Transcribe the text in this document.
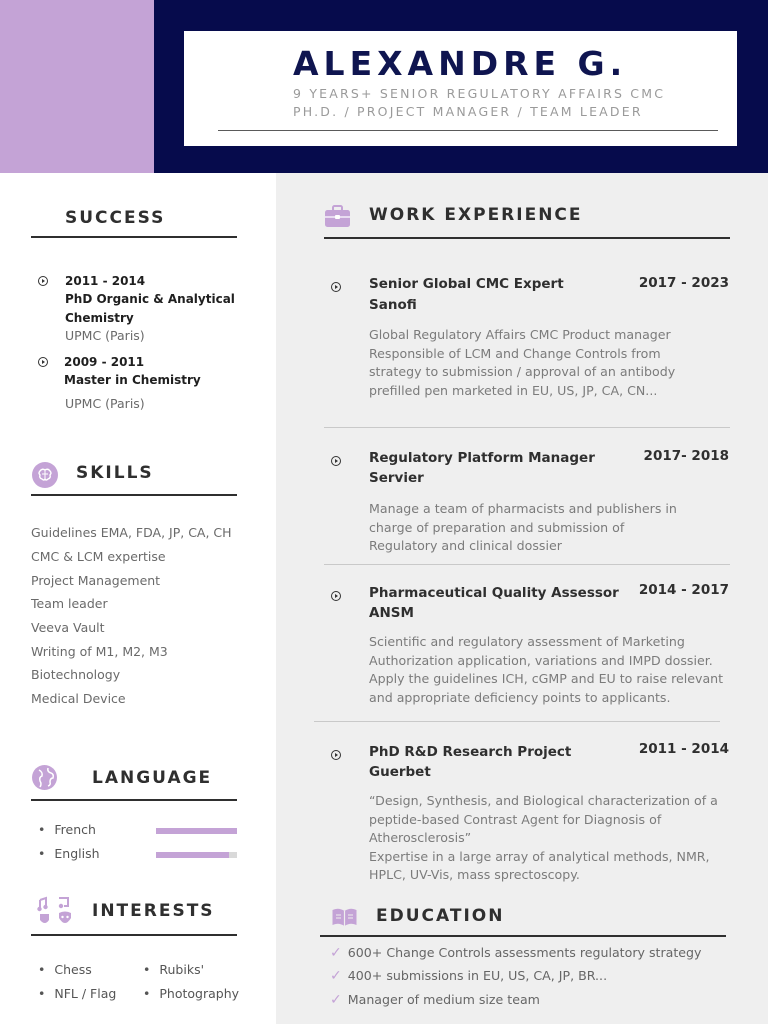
ALEXANDRE G.
9 YEARS+ SENIOR REGULATORY AFFAIRS CMC
PH.D. / PROJECT MANAGER / TEAM LEADER
SUCCESS
2011 - 2014
PhD Organic & Analytical
Chemistry
UPMC (Paris)
2009 - 2011
Master in Chemistry
UPMC (Paris)
SKILLS
Guidelines EMA, FDA, JP, CA, CH
CMC & LCM expertise
Project Management
Team leader
Veeva Vault
Writing of M1, M2, M3
Biotechnology
Medical Device
LANGUAGE
• French
• English
INTERESTS
• Chess
• NFL / Flag
• Rubiks'
• Photography
WORK EXPERIENCE
Senior Global CMC Expert
Sanofi
2017 - 2023
Global Regulatory Affairs CMC Product manager
Responsible of LCM and Change Controls from
strategy to submission / approval of an antibody
prefilled pen marketed in EU, US, JP, CA, CN...
Regulatory Platform Manager
Servier
2017- 2018
Manage a team of pharmacists and publishers in
charge of preparation and submission of
Regulatory and clinical dossier
Pharmaceutical Quality Assessor
ANSM
2014 - 2017
Scientific and regulatory assessment of Marketing
Authorization application, variations and IMPD dossier.
Apply the guidelines ICH, cGMP and EU to raise relevant
and appropriate deficiency points to applicants.
PhD R&D Research Project
Guerbet
2011 - 2014
“Design, Synthesis, and Biological characterization of a
peptide-based Contrast Agent for Diagnosis of
Atherosclerosis”
Expertise in a large array of analytical methods, NMR,
HPLC, UV-Vis, mass sprectoscopy.
EDUCATION
✓ 600+ Change Controls assessments regulatory strategy
✓ 400+ submissions in EU, US, CA, JP, BR...
✓ Manager of medium size team
